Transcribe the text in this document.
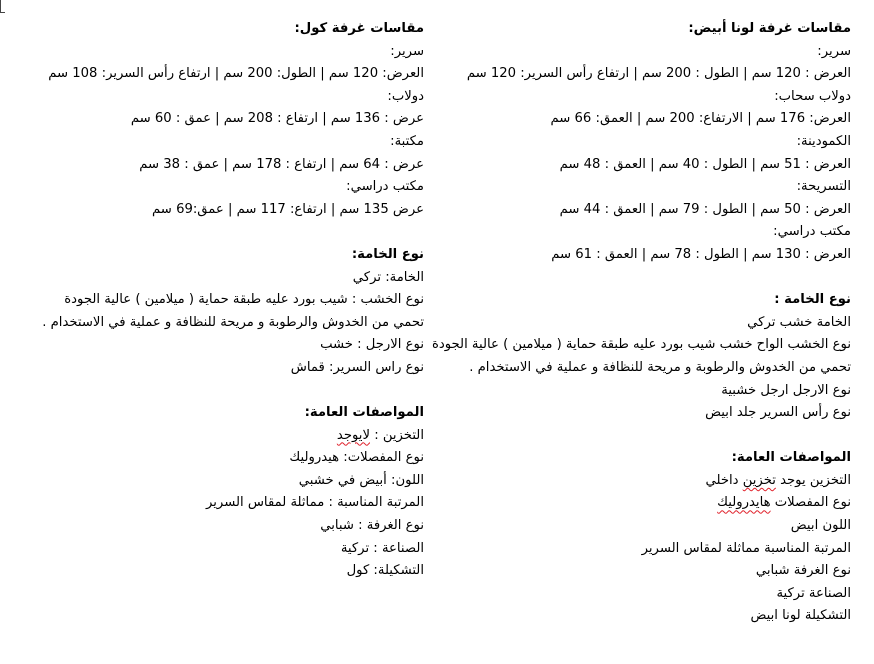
مقاسات غرفة لونا أبيض:

سرير:

العرض : 120 سم | الطول : 200 سم | ارتفاع رأس السرير: 120 سم

دولاب سحاب:

العرض: 176 سم | الارتفاع: 200 سم | العمق: 66 سم

الكمودينة:

العرض : 51 سم | الطول : 40 سم | العمق : 48 سم

التسريحة:

العرض : 50 سم | الطول : 79 سم | العمق : 44 سم

مكتب دراسي:

العرض : 130 سم | الطول : 78 سم | العمق : 61 سم

نوع الخامة :

الخامة خشب تركي

نوع الخشب الواح خشب شيب بورد عليه طبقة حماية ( ميلامين ) عالية الجودة

تحمي من الخدوش والرطوبة و مريحة للنظافة و عملية في الاستخدام .

نوع الارجل ارجل خشبية

نوع رأس السرير جلد ابيض

المواصفات العامة:

التخزين يوجد تخزين داخلي

نوع المفصلات هايدروليك

اللون ابيض

المرتبة المناسبة مماثلة لمقاس السرير

نوع الغرفة شبابي

الصناعة تركية

التشكيلة لونا ابيض

مقاسات غرفة كول:

سرير:

العرض: 120 سم | الطول: 200 سم | ارتفاع رأس السرير: 108 سم

دولاب:

عرض : 136 سم | ارتفاع : 208 سم | عمق : 60 سم

مكتبة:

عرض : 64 سم | ارتفاع : 178 سم | عمق : 38 سم

مكتب دراسي:

عرض 135 سم | ارتفاع: 117 سم | عمق:69 سم

نوع الخامة:

الخامة: تركي

نوع الخشب : شيب بورد عليه طبقة حماية ( ميلامين ) عالية الجودة

تحمي من الخدوش والرطوبة و مريحة للنظافة و عملية في الاستخدام .

نوع الارجل : خشب

نوع راس السرير: قماش

المواصفات العامة:

التخزين : لايوجد

نوع المفصلات: هيدروليك

اللون: أبيض في خشبي

المرتبة المناسبة : مماثلة لمقاس السرير

نوع الغرفة : شبابي

الصناعة : تركية

التشكيلة: كول
